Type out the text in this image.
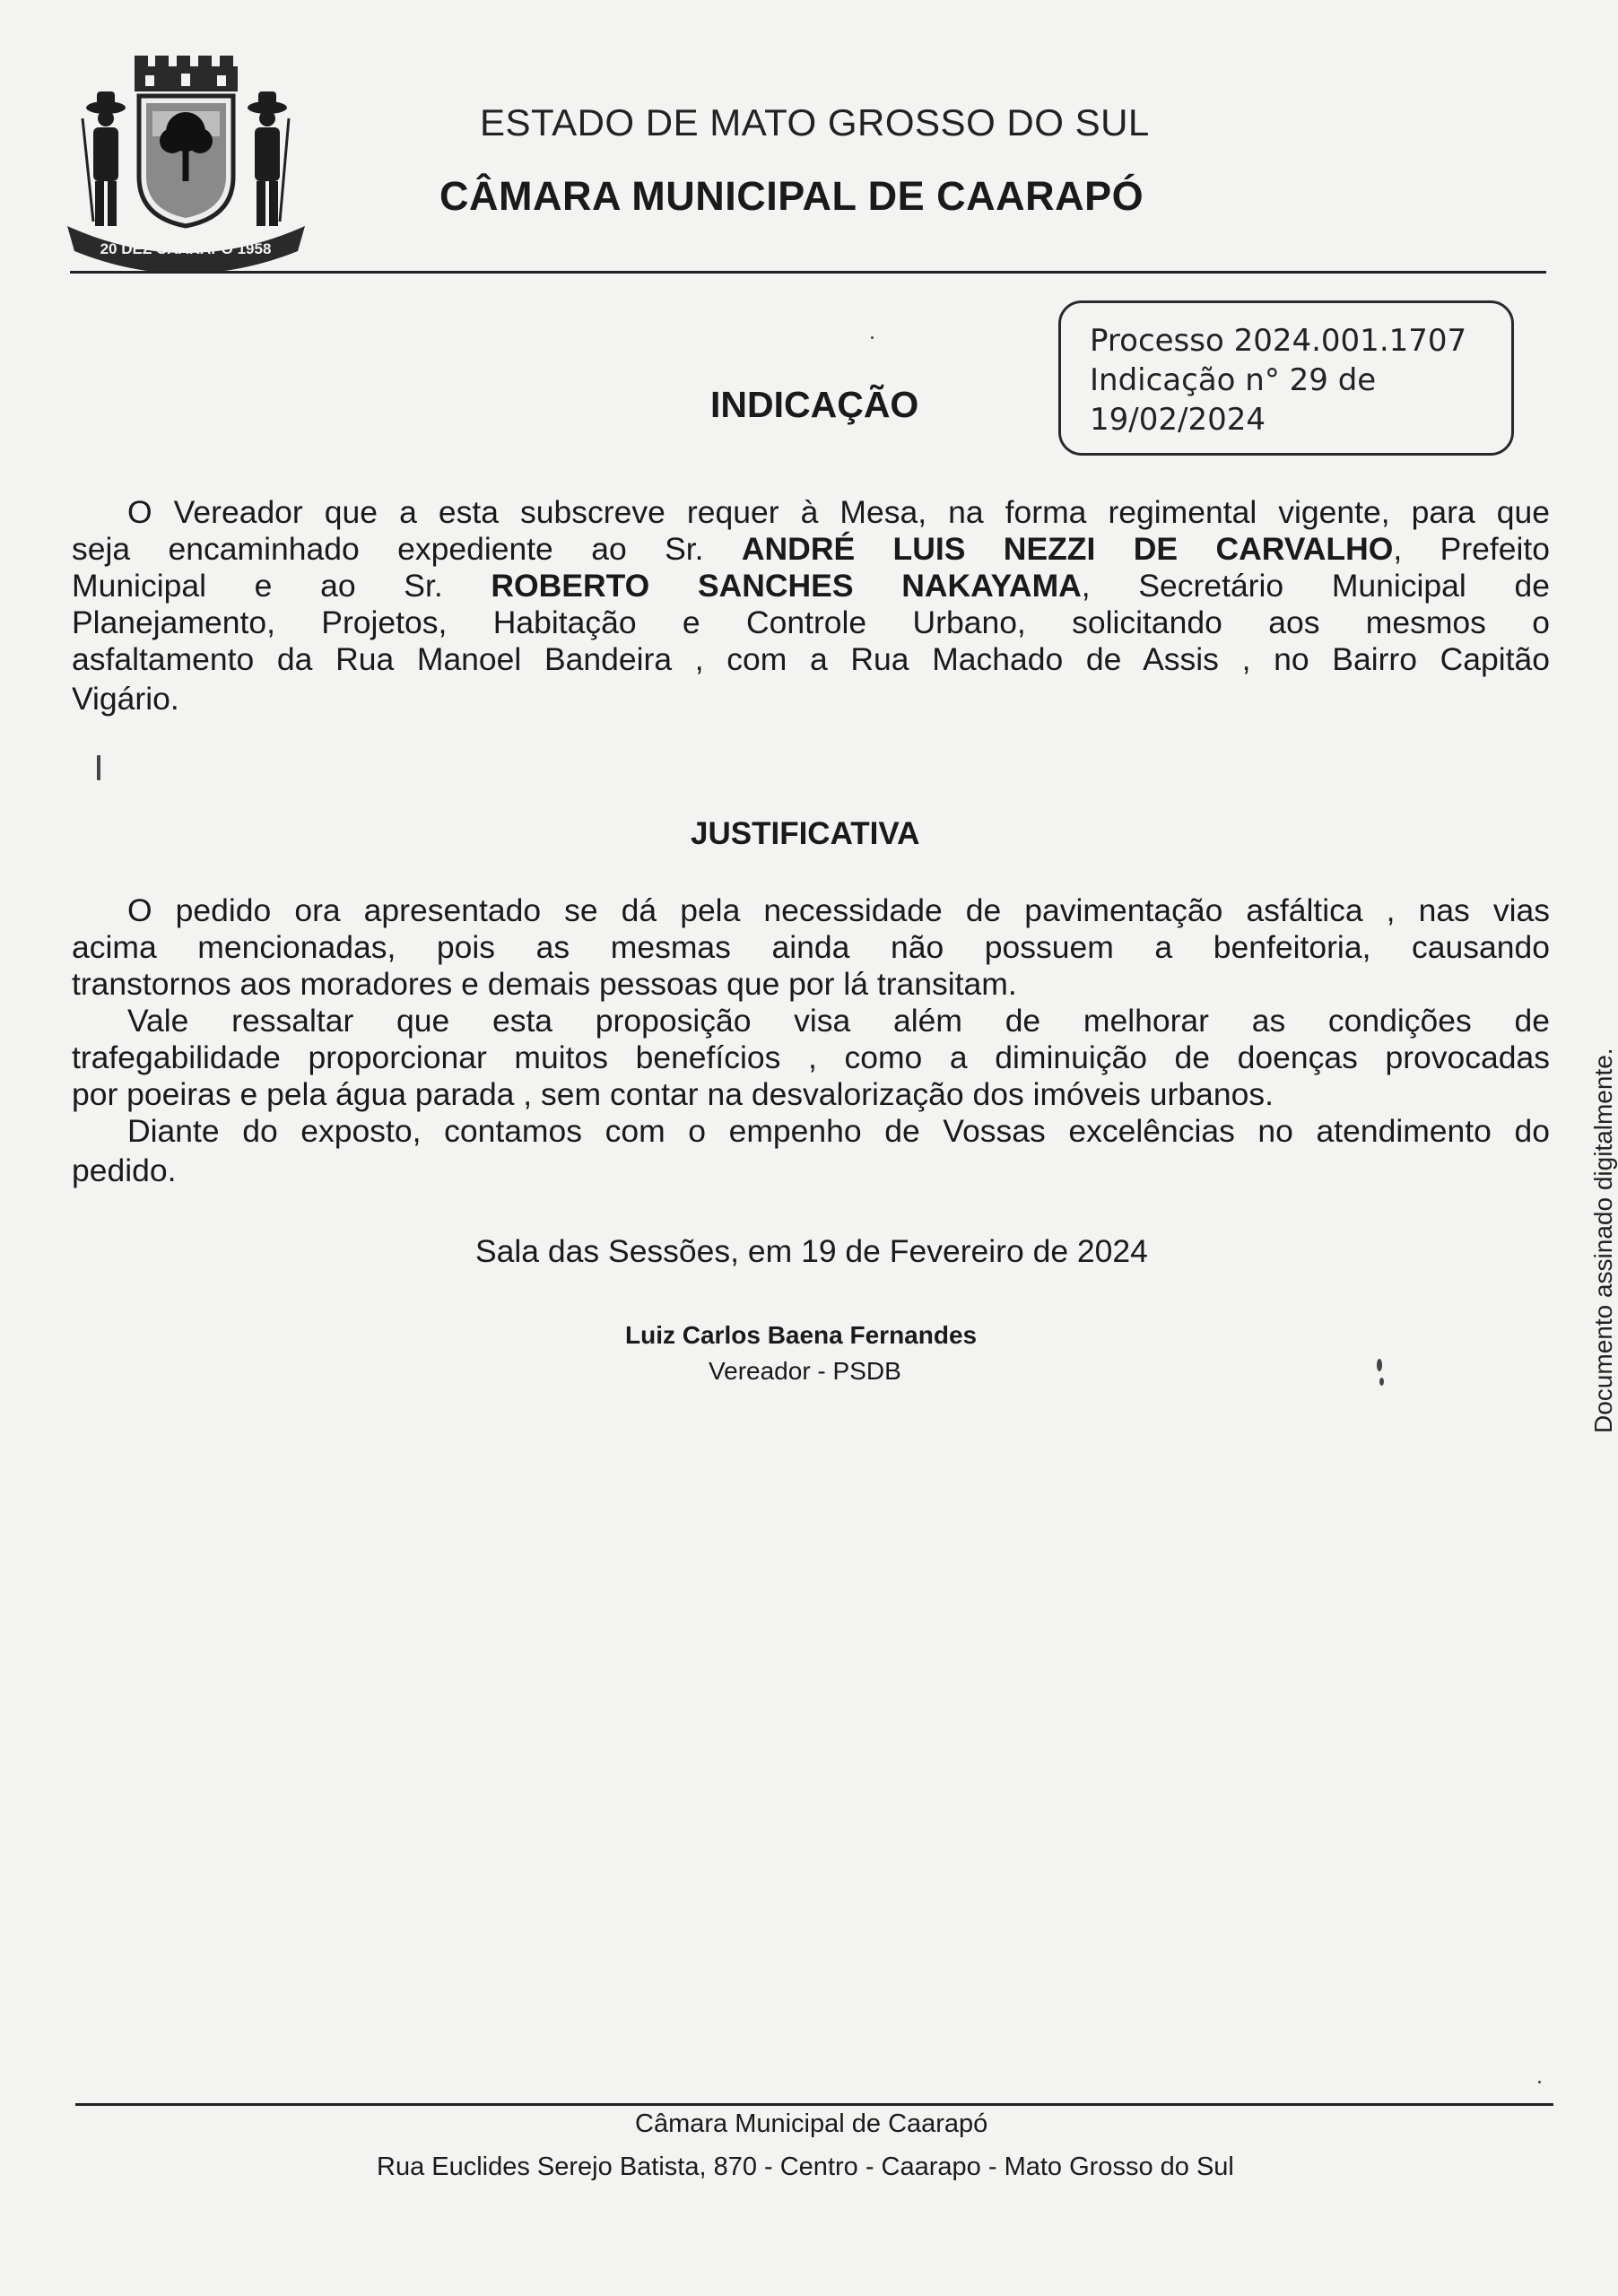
20 DEZ CAARAPÓ 1958
ESTADO DE MATO GROSSO DO SUL
CÂMARA MUNICIPAL DE CAARAPÓ
Processo 2024.001.1707
Indicação n° 29 de
19/02/2024
INDICAÇÃO
O Vereador que a esta subscreve requer à Mesa, na forma regimental vigente, para que
seja encaminhado expediente ao Sr. ANDRÉ LUIS NEZZI DE CARVALHO, Prefeito
Municipal e ao Sr. ROBERTO SANCHES NAKAYAMA, Secretário Municipal de
Planejamento, Projetos, Habitação e Controle Urbano, solicitando aos mesmos o
asfaltamento da Rua Manoel Bandeira , com a Rua Machado de Assis , no Bairro Capitão
Vigário.
JUSTIFICATIVA
O pedido ora apresentado se dá pela necessidade de pavimentação asfáltica , nas vias
acima mencionadas, pois as mesmas ainda não possuem a benfeitoria, causando
transtornos aos moradores e demais pessoas que por lá transitam.
Vale ressaltar que esta proposição visa além de melhorar as condições de
trafegabilidade proporcionar muitos benefícios , como a diminuição de doenças provocadas
por poeiras e pela água parada , sem contar na desvalorização dos imóveis urbanos.
Diante do exposto, contamos com o empenho de Vossas excelências no atendimento do
pedido.
Sala das Sessões, em 19 de Fevereiro de 2024
Luiz Carlos Baena Fernandes
Vereador - PSDB	Documento assinado digitalmente.
Câmara Municipal de Caarapó
Rua Euclides Serejo Batista, 870 - Centro - Caarapo - Mato Grosso do Sul
